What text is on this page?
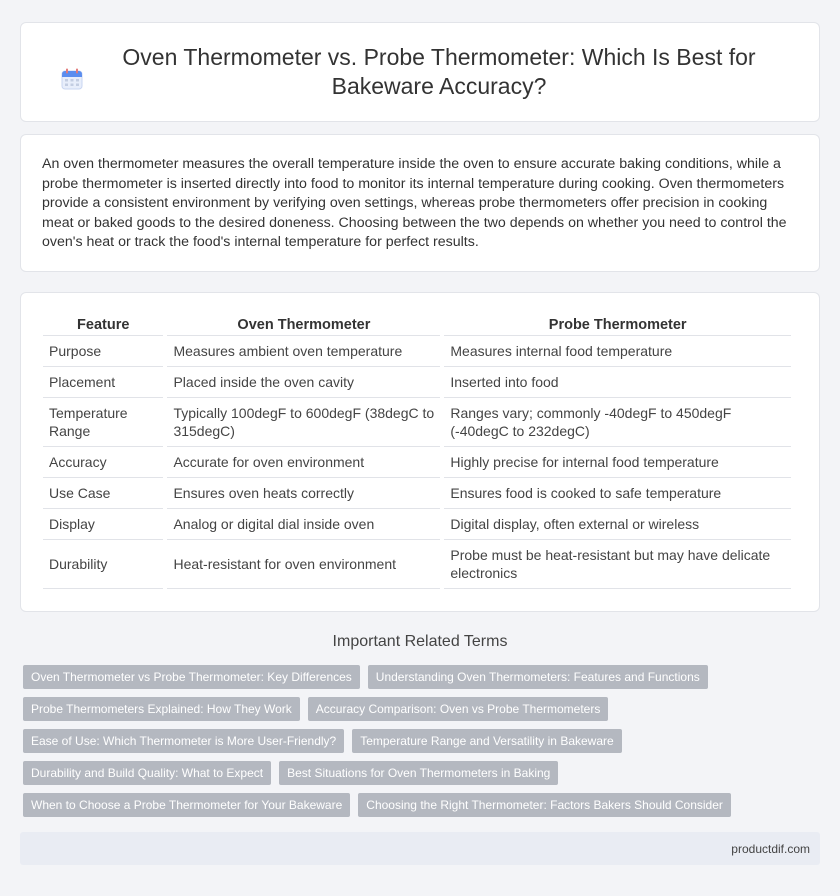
Oven Thermometer vs. Probe Thermometer: Which Is Best for Bakeware Accuracy?

An oven thermometer measures the overall temperature inside the oven to ensure accurate baking conditions, while a probe thermometer is inserted directly into food to monitor its internal temperature during cooking. Oven thermometers provide a consistent environment by verifying oven settings, whereas probe thermometers offer precision in cooking meat or baked goods to the desired doneness. Choosing between the two depends on whether you need to control the oven's heat or track the food's internal temperature for perfect results.

Feature	Oven Thermometer	Probe Thermometer
Purpose	Measures ambient oven temperature	Measures internal food temperature
Placement	Placed inside the oven cavity	Inserted into food
Temperature Range	Typically 100degF to 600degF (38degC to 315degC)	Ranges vary; commonly -40degF to 450degF (-40degC to 232degC)
Accuracy	Accurate for oven environment	Highly precise for internal food temperature
Use Case	Ensures oven heats correctly	Ensures food is cooked to safe temperature
Display	Analog or digital dial inside oven	Digital display, often external or wireless
Durability	Heat-resistant for oven environment	Probe must be heat-resistant but may have delicate electronics
Important Related Terms
Oven Thermometer vs Probe Thermometer: Key Differences	Understanding Oven Thermometers: Features and Functions
Probe Thermometers Explained: How They Work	Accuracy Comparison: Oven vs Probe Thermometers
Ease of Use: Which Thermometer is More User-Friendly?	Temperature Range and Versatility in Bakeware
Durability and Build Quality: What to Expect	Best Situations for Oven Thermometers in Baking
When to Choose a Probe Thermometer for Your Bakeware	Choosing the Right Thermometer: Factors Bakers Should Consider
productdif.com
